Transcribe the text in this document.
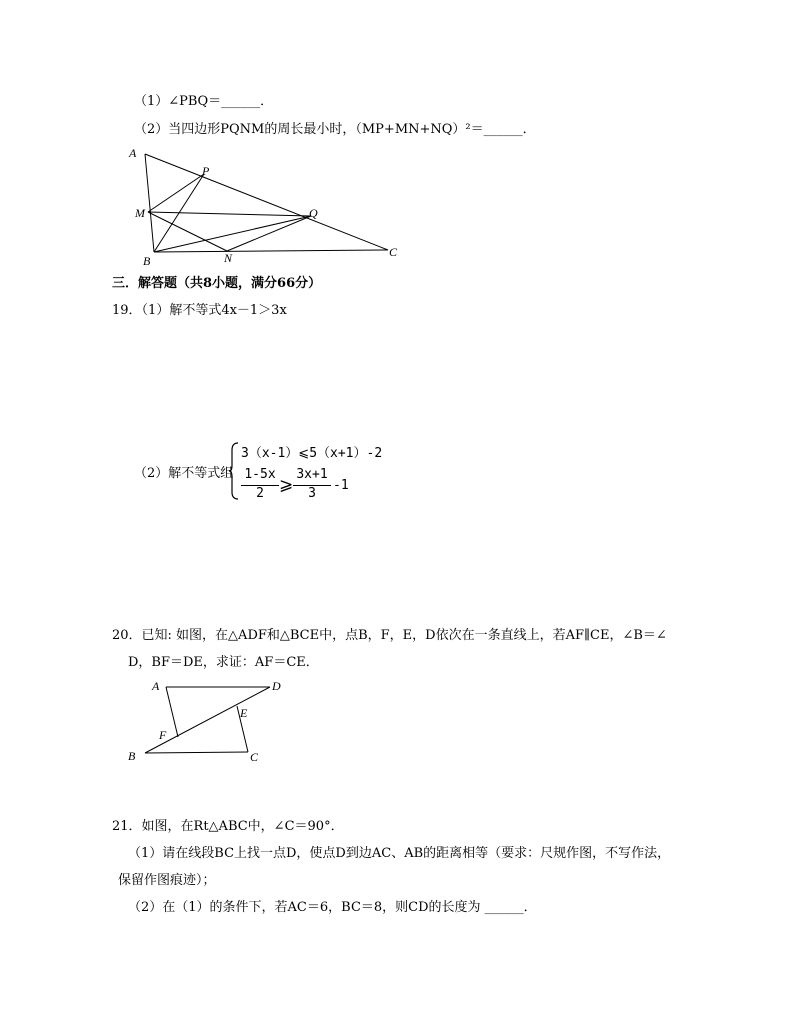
（1）∠PBQ＝______．
（2）当四边形PQNM的周长最小时，（MP+MN+NQ）²＝______．
A
P
M	Q
B	N	C
三．解答题（共8小题，满分66分）
19．（1）解不等式4x－1＞3x
（2）解不等式组
3（x-1）⩽5（x+1）-2
1-5x
2 ⩾
3x+1
3
-1
20．已知: 如图，在△ADF和△BCE中，点B，F，E，D依次在一条直线上，若AF∥CE，∠B＝∠
D，BF＝DE，求证：AF＝CE．
A	D
E
F
B	C
21．如图，在Rt△ABC中，∠C＝90°．
（1）请在线段BC上找一点D，使点D到边AC、AB的距离相等（要求：尺规作图，不写作法，
保留作图痕迹）；
（2）在（1）的条件下，若AC＝6，BC＝8，则CD的长度为 ______．
